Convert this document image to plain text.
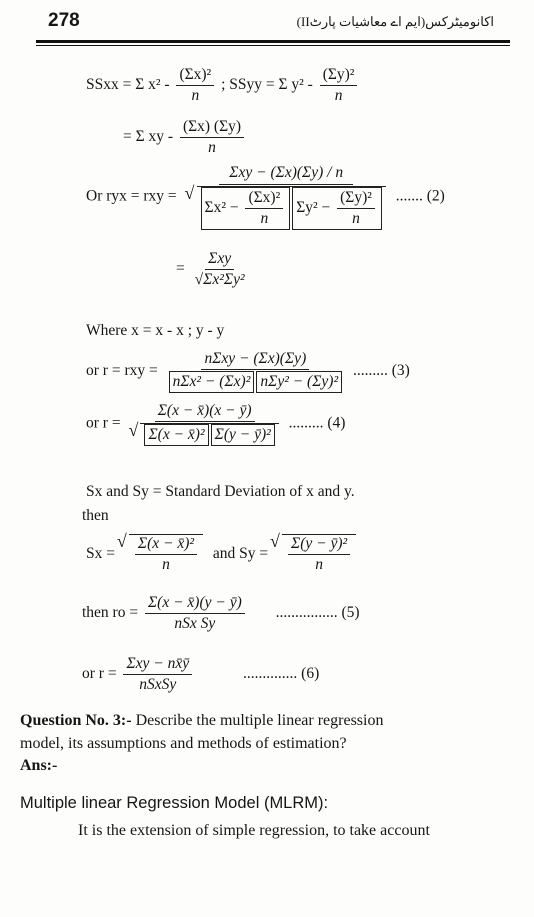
278	اکانومیٹرکس(ایم اے معاشیات پارٹII)
SSxx = Σ $x^2 - \frac{\text{(Σx)²}}{n}$ ; SSyy = Σ $y^2 - \frac{\text{(Σy)²}}{n}$
= Σ xy - $\frac{(\Sigma x) (\Sigma y)}{n}$
Or ryx = rxy =
Σxy − (Σx)(Σy) / n
√ $\Sigma x^2 - \frac{\text{(Σx)²}}{n} \Sigma y^2 - \frac{\text{(Σy)²}}{n}$ ....... (2)
= $\frac{\text{Σxy}}{\text{√Σx²Σy²}}$
Where x = x - x ; y - y
or r = rxy = $\frac{\text{nΣxy − (Σx)(Σy)}}{\text{nΣx² − (Σx)² nΣy² − (Σy)²}}$ ......... (3)
or r = Σ(x − x̄)(x − ȳ)
√ Σ(x − x̄)² Σ(y − ȳ)² ......... (4)
Sx and Sy = Standard Deviation of x and y.
then
Sx = √ $\frac{\text{Σ(x − x̄)²}}{n}$ and Sy = √ $\frac{\text{Σ(y − ȳ)²}}{n}$
then ro = $\frac{\Sigma(x - x̄)(y - ȳ)}{\text{nSx Sy}}$ ................ (5)
or $r = \frac{\text{Σxy − nx̄ȳ}}{\text{nSxSy}}$	.............. (6)
Question No. 3:- Describe the multiple linear regression
model, its assumptions and methods of estimation?
Ans:-
Multiple linear Regression Model (MLRM):
It is the extension of simple regression, to take account
